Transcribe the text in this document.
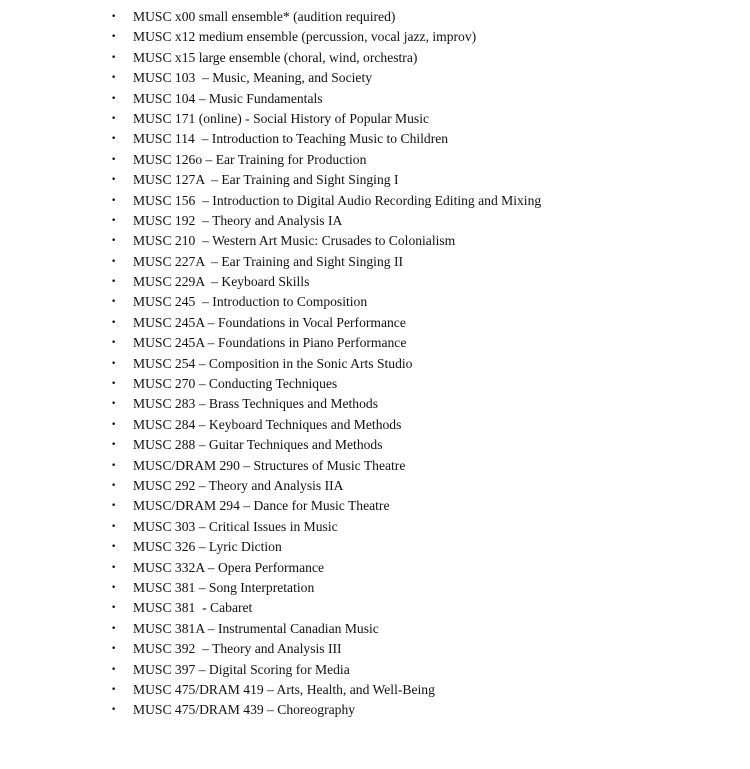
•	MUSC x00 small ensemble* (audition required)
•	MUSC x12 medium ensemble (percussion, vocal jazz, improv)
•	MUSC x15 large ensemble (choral, wind, orchestra)
•	MUSC 103  – Music, Meaning, and Society
•	MUSC 104 – Music Fundamentals
•	MUSC 171 (online) - Social History of Popular Music
•	MUSC 114  – Introduction to Teaching Music to Children
•	MUSC 126o – Ear Training for Production
•	MUSC 127A  – Ear Training and Sight Singing I
•	MUSC 156  – Introduction to Digital Audio Recording Editing and Mixing
•	MUSC 192  – Theory and Analysis IA
•	MUSC 210  – Western Art Music: Crusades to Colonialism
•	MUSC 227A  – Ear Training and Sight Singing II
•	MUSC 229A  – Keyboard Skills
•	MUSC 245  – Introduction to Composition
•	MUSC 245A – Foundations in Vocal Performance
•	MUSC 245A – Foundations in Piano Performance
•	MUSC 254 – Composition in the Sonic Arts Studio
•	MUSC 270 – Conducting Techniques
•	MUSC 283 – Brass Techniques and Methods
•	MUSC 284 – Keyboard Techniques and Methods
•	MUSC 288 – Guitar Techniques and Methods
•	MUSC/DRAM 290 – Structures of Music Theatre
•	MUSC 292 – Theory and Analysis IIA
•	MUSC/DRAM 294 – Dance for Music Theatre
•	MUSC 303 – Critical Issues in Music
•	MUSC 326 – Lyric Diction
•	MUSC 332A – Opera Performance
•	MUSC 381 – Song Interpretation
•	MUSC 381  - Cabaret
•	MUSC 381A – Instrumental Canadian Music
•	MUSC 392  – Theory and Analysis III
•	MUSC 397 – Digital Scoring for Media
•	MUSC 475/DRAM 419 – Arts, Health, and Well-Being
•	MUSC 475/DRAM 439 – Choreography
